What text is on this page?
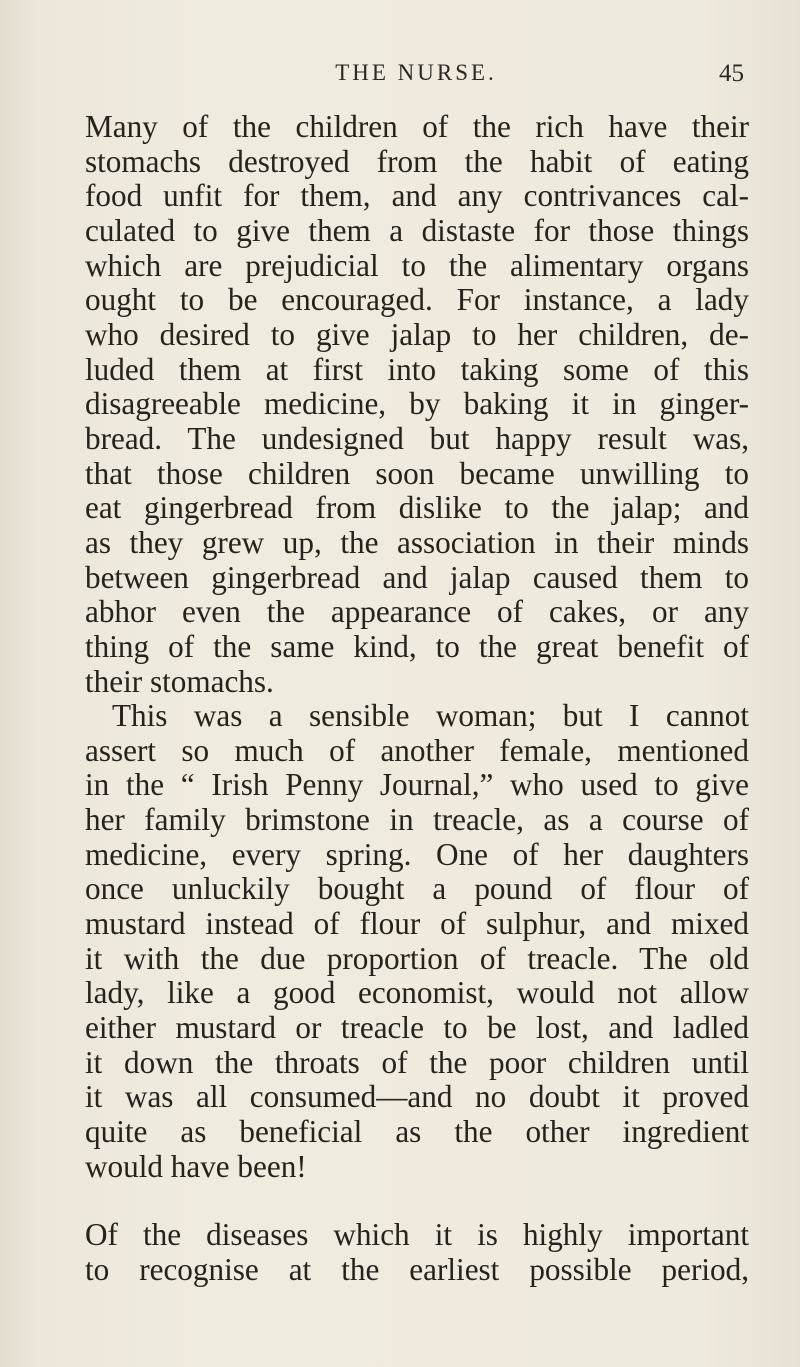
THE NURSE.	45
Many of the children of the rich have their
stomachs destroyed from the habit of eating
food unfit for them, and any contrivances cal-
culated to give them a distaste for those things
which are prejudicial to the alimentary organs
ought to be encouraged. For instance, a lady
who desired to give jalap to her children, de-
luded them at first into taking some of this
disagreeable medicine, by baking it in ginger-
bread. The undesigned but happy result was,
that those children soon became unwilling to
eat gingerbread from dislike to the jalap; and
as they grew up, the association in their minds
between gingerbread and jalap caused them to
abhor even the appearance of cakes, or any
thing of the same kind, to the great benefit of
their stomachs.
This was a sensible woman; but I cannot
assert so much of another female, mentioned
in the “ Irish Penny Journal,” who used to give
her family brimstone in treacle, as a course of
medicine, every spring. One of her daughters
once unluckily bought a pound of flour of
mustard instead of flour of sulphur, and mixed
it with the due proportion of treacle. The old
lady, like a good economist, would not allow
either mustard or treacle to be lost, and ladled
it down the throats of the poor children until
it was all consumed—and no doubt it proved
quite as beneficial as the other ingredient
would have been!
Of the diseases which it is highly important
to recognise at the earliest possible period,
